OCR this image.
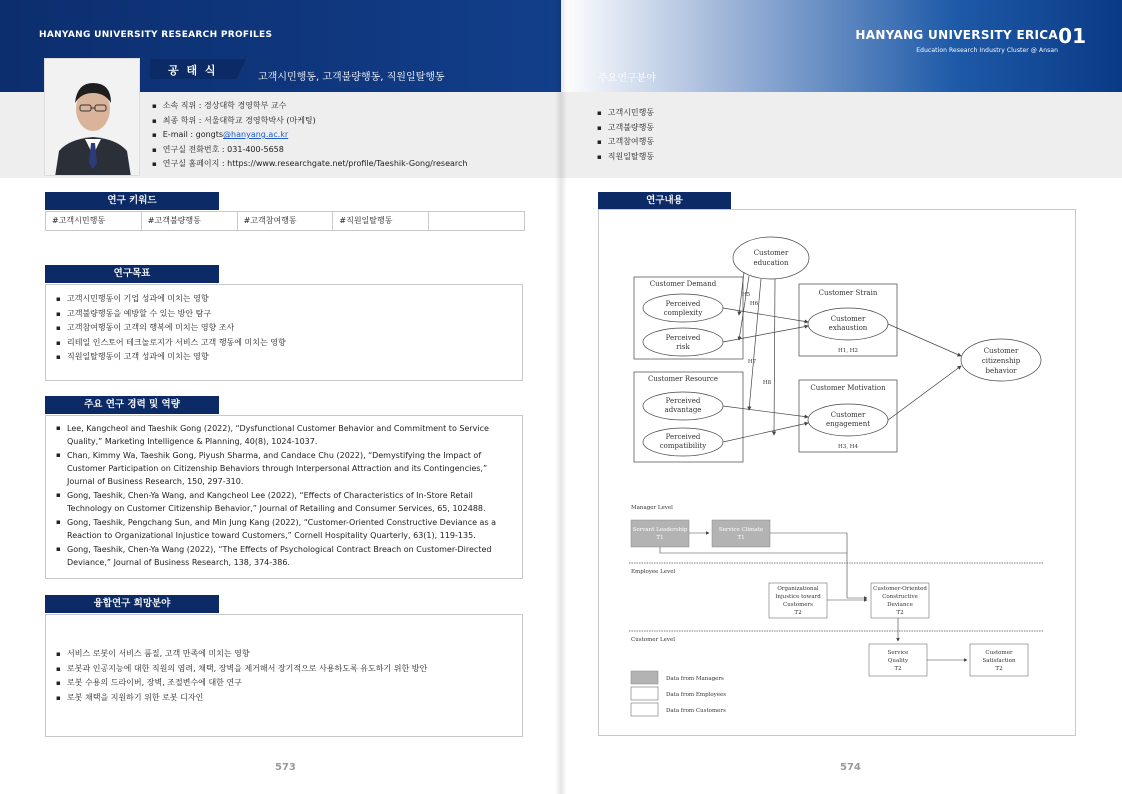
HANYANG UNIVERSITY RESEARCH PROFILES	HANYANG UNIVERSITY ERICA
Education Research Industry Cluster @ Ansan
01
공 태 식
고객시민행동, 고객불량행동, 직원일탈행동	주요연구분야
▪ 소속 직위 : 경상대학 경영학부 교수
▪ 최종 학위 : 서울대학교 경영학박사 (마케팅)
▪ E-mail : gongts@hanyang.ac.kr
▪ 연구실 전화번호 : 031-400-5658
▪ 연구실 홈페이지 : https://www.researchgate.net/profile/Taeshik-Gong/research
▪ 고객시민행동
▪ 고객불량행동
▪ 고객참여행동
▪ 직원일탈행동
연구 키워드
#고객시민행동	#고객불량행동	#고객참여행동	#직원일탈행동
연구목표
▪ 고객시민행동이 기업 성과에 미치는 영향
▪ 고객불량행동을 예방할 수 있는 방안 탐구
▪ 고객참여행동이 고객의 행복에 미치는 영향 조사
▪ 리테일 인스토어 테크놀로지가 서비스 고객 행동에 미치는 영향
▪ 직원일탈행동이 고객 성과에 미치는 영향
주요 연구 경력 및 역량
▪ Lee, Kangcheol and Taeshik Gong (2022), “Dysfunctional Customer Behavior and Commitment to Service Quality,” Marketing Intelligence & Planning, 40(8), 1024-1037.
▪ Chan, Kimmy Wa, Taeshik Gong, Piyush Sharma, and Candace Chu (2022), “Demystifying the Impact of Customer Participation on Citizenship Behaviors through Interpersonal Attraction and its Contingencies,” Journal of Business Research, 150, 297-310.
▪ Gong, Taeshik, Chen-Ya Wang, and Kangcheol Lee (2022), “Effects of Characteristics of In-Store Retail Technology on Customer Citizenship Behavior,” Journal of Retailing and Consumer Services, 65, 102488.
▪ Gong, Taeshik, Pengchang Sun, and Min Jung Kang (2022), “Customer-Oriented Constructive Deviance as a Reaction to Organizational Injustice toward Customers,” Cornell Hospitality Quarterly, 63(1), 119-135.
▪ Gong, Taeshik, Chen-Ya Wang (2022), “The Effects of Psychological Contract Breach on Customer-Directed Deviance,” Journal of Business Research, 138, 374-386.
융합연구 희망분야
▪ 서비스 로봇이 서비스 품질, 고객 만족에 미치는 영향
▪ 로봇과 인공지능에 대한 직원의 염려, 채택, 장벽을 제거해서 장기적으로 사용하도록 유도하기 위한 방안
▪ 로봇 수용의 드라이버, 장벽, 조절변수에 대한 연구
▪ 로봇 채택을 지원하기 위한 로봇 디자인
연구내용
Customer
education
Customer Demand
Perceived
complexity
Perceived
risk
Customer Resource
Perceived
advantage
Perceived
compatibility
Customer Strain
Customer
exhaustion
H1, H2
Customer Motivation
Customer
engagement
H3, H4
Customer
citizenship
behavior
H5
H6
H7
H8
Manager Level
Servant Leadership
T1
Service Climate
T1
Employee Level
Organizational
Injustice toward
Customers
T2
Customer-Oriented
Constructive
Deviance
T2
Customer Level
Service
Quality
T2
Customer
Satisfaction
T2
Data from Managers
Data from Employees
Data from Customers
573	574
